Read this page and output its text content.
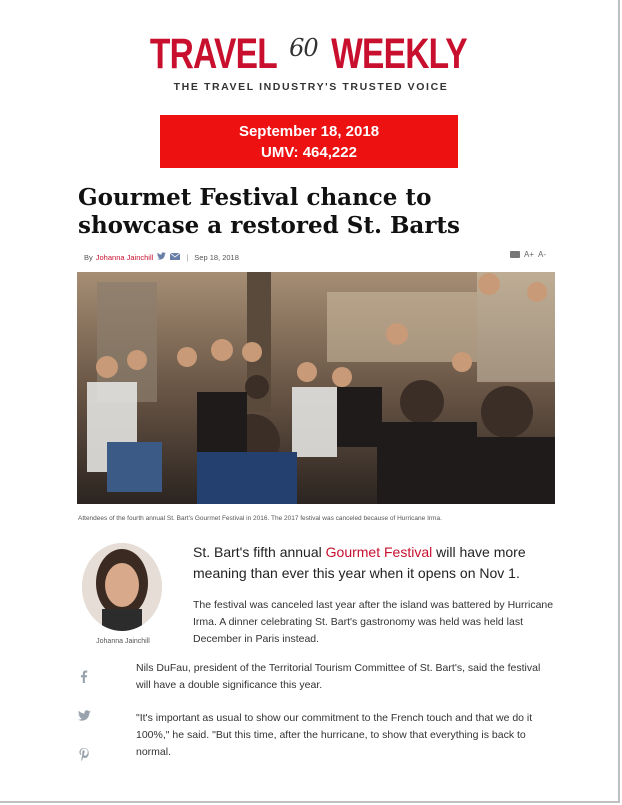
TRAVEL 60 WEEKLY
THE TRAVEL INDUSTRY'S TRUSTED VOICE
September 18, 2018
UMV: 464,222
Gourmet Festival chance to showcase a restored St. Barts
By Johanna Jainchill	| Sep 18, 2018	A+ A-
Attendees of the fourth annual St. Bart's Gourmet Festival in 2016. The 2017 festival was canceled because of Hurricane Irma.
Johanna Jainchill
St. Bart's fifth annual Gourmet Festival will have more meaning than ever this year when it opens on Nov 1.
The festival was canceled last year after the island was battered by Hurricane Irma. A dinner celebrating St. Bart's gastronomy was held was held last December in Paris instead.
Nils DuFau, president of the Territorial Tourism Committee of St. Bart's, said the festival will have a double significance this year.
"It's important as usual to show our commitment to the French touch and that we do it 100%," he said. "But this time, after the hurricane, to show that everything is back to normal.
